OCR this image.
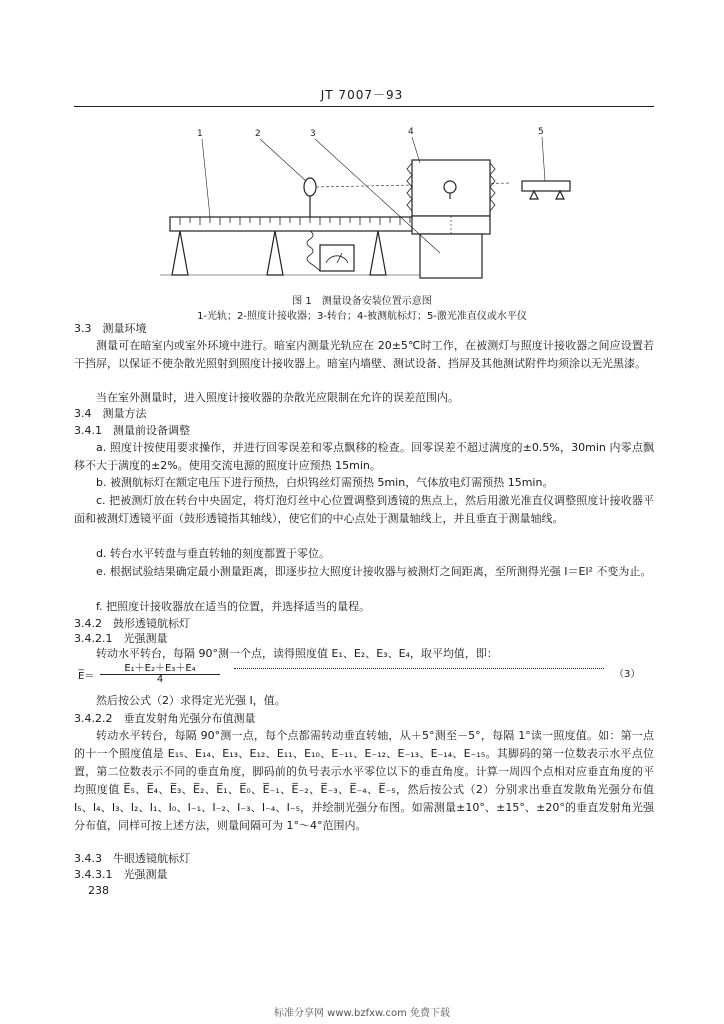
JT 7007－93
1	2	3	4	5
图 1　测量设备安装位置示意图
1-光轨；2-照度计接收器；3-转台；4-被测航标灯；5-激光准直仪或水平仪
3.3　测量环境
测量可在暗室内或室外环境中进行。暗室内测量光轨应在 20±5℃时工作，在被测灯与照度计接收器之间应设置若干挡屏，以保证不使杂散光照射到照度计接收器上。暗室内墙壁、测试设备、挡屏及其他测试附件均须涂以无光黑漆。
当在室外测量时，进入照度计接收器的杂散光应限制在允许的误差范围内。
3.4　测量方法
3.4.1　测量前设备调整
a. 照度计按使用要求操作，并进行回零误差和零点飘移的检查。回零误差不超过满度的±0.5%，30min 内零点飘移不大于满度的±2%。使用交流电源的照度计应预热 15min。
b. 被测航标灯在额定电压下进行预热，白炽钨丝灯需预热 5min，气体放电灯需预热 15min。
c. 把被测灯放在转台中央固定，将灯泡灯丝中心位置调整到透镜的焦点上，然后用激光准直仪调整照度计接收器平面和被测灯透镜平面（鼓形透镜指其轴线），使它们的中心点处于测量轴线上，并且垂直于测量轴线。
d. 转台水平转盘与垂直转轴的刻度都置于零位。
e. 根据试验结果确定最小测量距离，即逐步拉大照度计接收器与被测灯之间距离，至所测得光强 I＝El² 不变为止。
f. 把照度计接收器放在适当的位置，并选择适当的量程。
3.4.2　鼓形透镜航标灯
3.4.2.1　光强测量
转动水平转台，每隔 90°测一个点，读得照度值 E₁、E₂、E₃、E₄，取平均值，即：
E̅＝
E₁＋E₂＋E₃＋E₄
4	（3）
然后按公式（2）求得定光光强 I，值。
3.4.2.2　垂直发射角光强分布值测量
转动水平转台，每隔 90°测一点，每个点都需转动垂直转轴，从＋5°测至－5°，每隔 1°读一照度值。如：第一点的十一个照度值是 E₁₅、E₁₄、E₁₃、E₁₂、E₁₁、E₁₀、E₋₁₁、E₋₁₂、E₋₁₃、E₋₁₄、E₋₁₅。其脚码的第一位数表示水平点位置，第二位数表示不同的垂直角度，脚码前的负号表示水平零位以下的垂直角度。计算一周四个点相对应垂直角度的平均照度值 E̅₅、E̅₄、E̅₃、E̅₂、E̅₁、E̅₀、E̅₋₁、E̅₋₂、E̅₋₃、E̅₋₄、E̅₋₅，然后按公式（2）分别求出垂直发散角光强分布值 I₅、I₄、I₃、I₂、I₁、I₀、I₋₁、I₋₂、I₋₃、I₋₄、I₋₅，并绘制光强分布图。如需测量±10°、±15°、±20°的垂直发射角光强分布值，同样可按上述方法，则量间隔可为 1°～4°范围内。
3.4.3　牛眼透镜航标灯
3.4.3.1　光强测量
238
标准分享网 www.bzfxw.com 免费下载
